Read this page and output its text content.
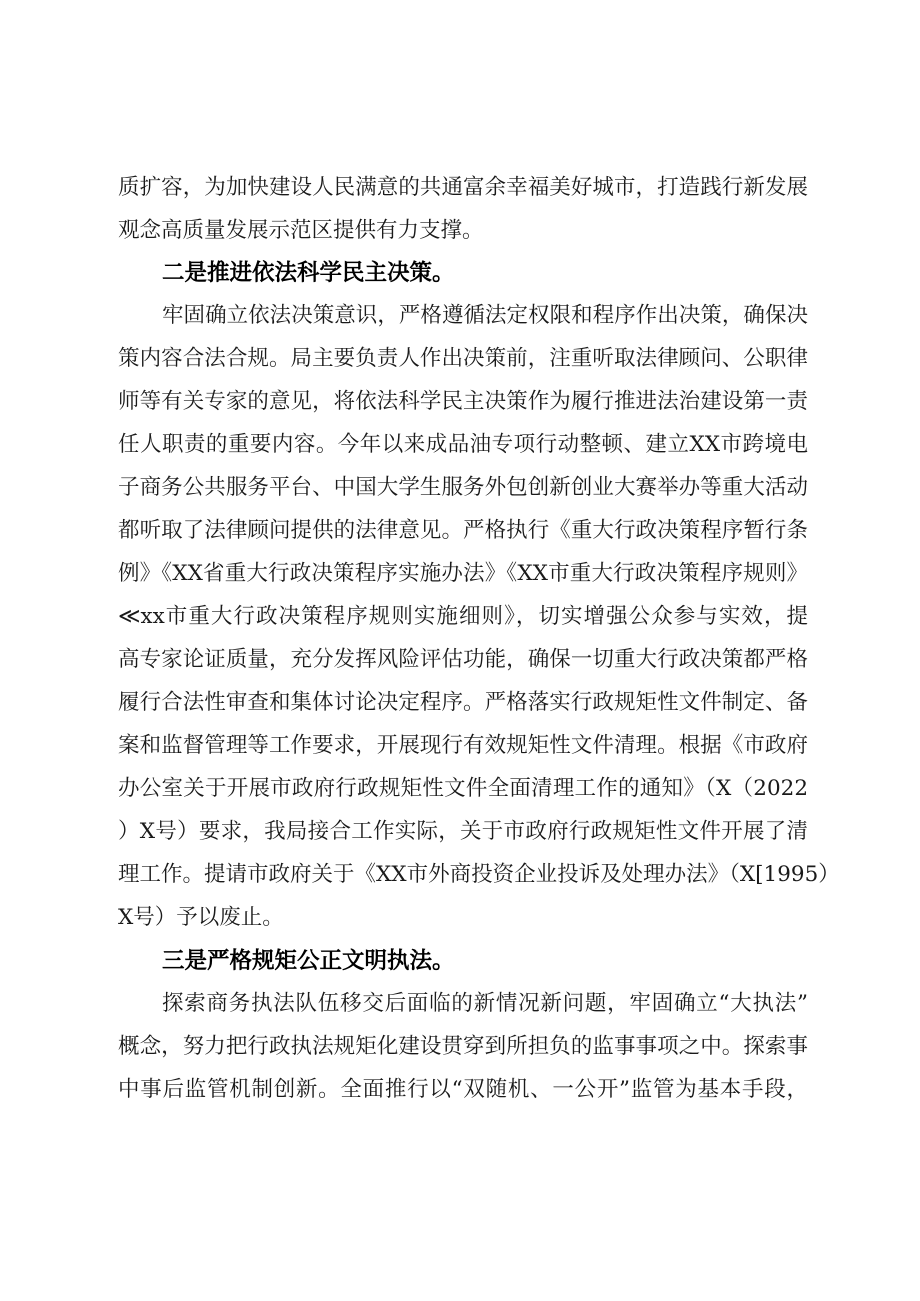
质扩容，为加快建设人民满意的共通富余幸福美好城市，打造践行新发展
观念高质量发展示范区提供有力支撑。
二是推进依法科学民主决策。
牢固确立依法决策意识，严格遵循法定权限和程序作出决策，确保决
策内容合法合规。局主要负责人作出决策前，注重听取法律顾问、公职律
师等有关专家的意见，将依法科学民主决策作为履行推进法治建设第一责
任人职责的重要内容。今年以来成品油专项行动整顿、建立XX市跨境电
子商务公共服务平台、中国大学生服务外包创新创业大赛举办等重大活动
都听取了法律顾问提供的法律意见。严格执行《重大行政决策程序暂行条
例》《XX省重大行政决策程序实施办法》《XX市重大行政决策程序规则》
≪xx市重大行政决策程序规则实施细则》，切实增强公众参与实效，提
高专家论证质量，充分发挥风险评估功能，确保一切重大行政决策都严格
履行合法性审查和集体讨论决定程序。严格落实行政规矩性文件制定、备
案和监督管理等工作要求，开展现行有效规矩性文件清理。根据《市政府
办公室关于开展市政府行政规矩性文件全面清理工作的通知》（X（2022
）X号）要求，我局接合工作实际，关于市政府行政规矩性文件开展了清
理工作。提请市政府关于《XX市外商投资企业投诉及处理办法》（X[1995）
X号）予以废止。
三是严格规矩公正文明执法。
探索商务执法队伍移交后面临的新情况新问题，牢固确立“大执法”
概念，努力把行政执法规矩化建设贯穿到所担负的监事事项之中。探索事
中事后监管机制创新。全面推行以“双随机、一公开”监管为基本手段，
